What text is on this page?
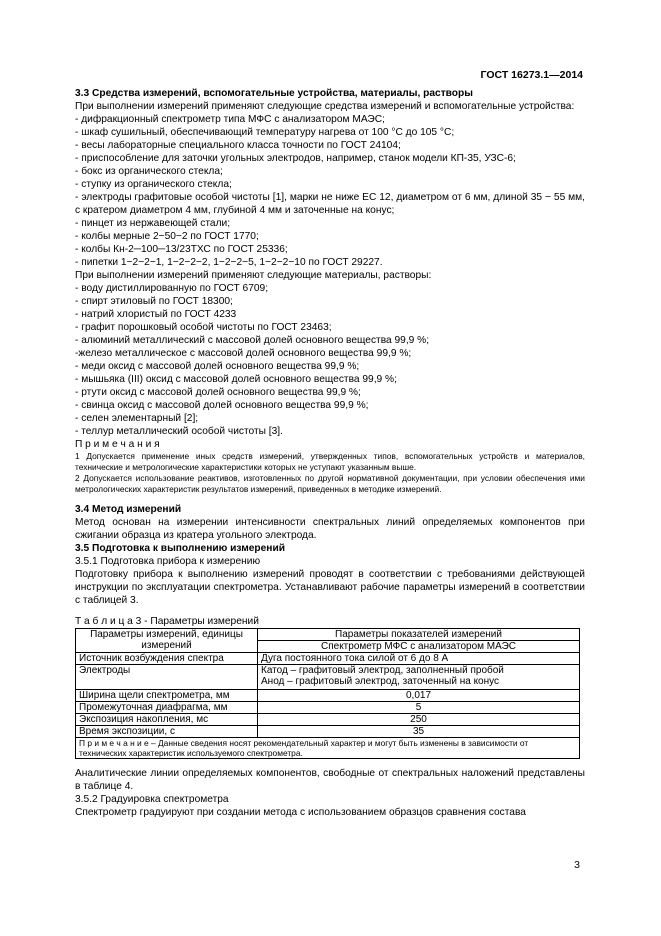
ГОСТ 16273.1—2014

3.3 Средства измерений, вспомогательные устройства, материалы, растворы

При выполнении измерений применяют следующие средства измерений и вспомогательные устройства:

- дифракционный спектрометр типа МФС с анализатором МАЭС;

- шкаф сушильный, обеспечивающий температуру нагрева от 100 °С до 105 °С;

- весы лабораторные специального класса точности по ГОСТ 24104;

- приспособление для заточки угольных электродов, например, станок модели КП-35, УЗС-6;

- бокс из органического стекла;

- ступку из органического стекла;

- электроды графитовые особой чистоты [1], марки не ниже ЕС 12, диаметром от 6 мм, длиной 35 − 55 мм, с кратером диаметром 4 мм, глубиной 4 мм и заточенные на конус;

- пинцет из нержавеющей стали;

- колбы мерные 2−50−2 по ГОСТ 1770;

- колбы Кн-2─100─13/23ТХС по ГОСТ 25336;

- пипетки 1−2−2−1, 1−2−2−2, 1−2−2−5, 1−2−2−10 по ГОСТ 29227.

При выполнении измерений применяют следующие материалы, растворы:

- воду дистиллированную по ГОСТ 6709;

- спирт этиловый по ГОСТ 18300;

- натрий хлористый по ГОСТ 4233

- графит порошковый особой чистоты по ГОСТ 23463;

- алюминий металлический с массовой долей основного вещества 99,9 %;

-железо металлическое с массовой долей основного вещества 99,9 %;

- меди оксид с массовой долей основного вещества 99,9 %;

- мышьяка (III) оксид с массовой долей основного вещества 99,9 %;

- ртути оксид с массовой долей основного вещества 99,9 %;

- свинца оксид с массовой долей основного вещества 99,9 %;

- селен элементарный [2];

- теллур металлический особой чистоты [3].

П р и м е ч а н и я

1 Допускается применение иных средств измерений, утвержденных типов, вспомогательных устройств и материалов, технические и метрологические характеристики которых не уступают указанным выше.

2 Допускается использование реактивов, изготовленных по другой нормативной документации, при условии обеспечения ими метрологических характеристик результатов измерений, приведенных в методике измерений.

3.4 Метод измерений

Метод основан на измерении интенсивности спектральных линий определяемых компонентов при сжигании образца из кратера угольного электрода.

3.5 Подготовка к выполнению измерений

3.5.1 Подготовка прибора к измерению

Подготовку прибора к выполнению измерений проводят в соответствии с требованиями действующей инструкции по эксплуатации спектрометра. Устанавливают рабочие параметры измерений в соответствии с таблицей 3.

Т а б л и ц а 3 - Параметры измерений

Параметры измерений, единицы измерений	Параметры показателей измерений
	Спектрометр МФС с анализатором МАЭС
Источник возбуждения спектра	Дуга постоянного тока силой от 6 до 8 А
Электроды	Катод – графитовый электрод, заполненный пробой
Анод – графитовый электрод, заточенный на конус

Ширина щели спектрометра, мм	0,017
Промежуточная диафрагма, мм	5
Экспозиция накопления, мс	250
Время экспозиции, с	35
П р и м е ч а н и е – Данные сведения носят рекомендательный характер и могут быть изменены в зависимости от технических характеристик используемого спектрометра.	

Аналитические линии определяемых компонентов, свободные от спектральных наложений представлены в таблице 4.

3.5.2 Градуировка спектрометра

Спектрометр градуируют при создании метода с использованием образцов сравнения состава

3
